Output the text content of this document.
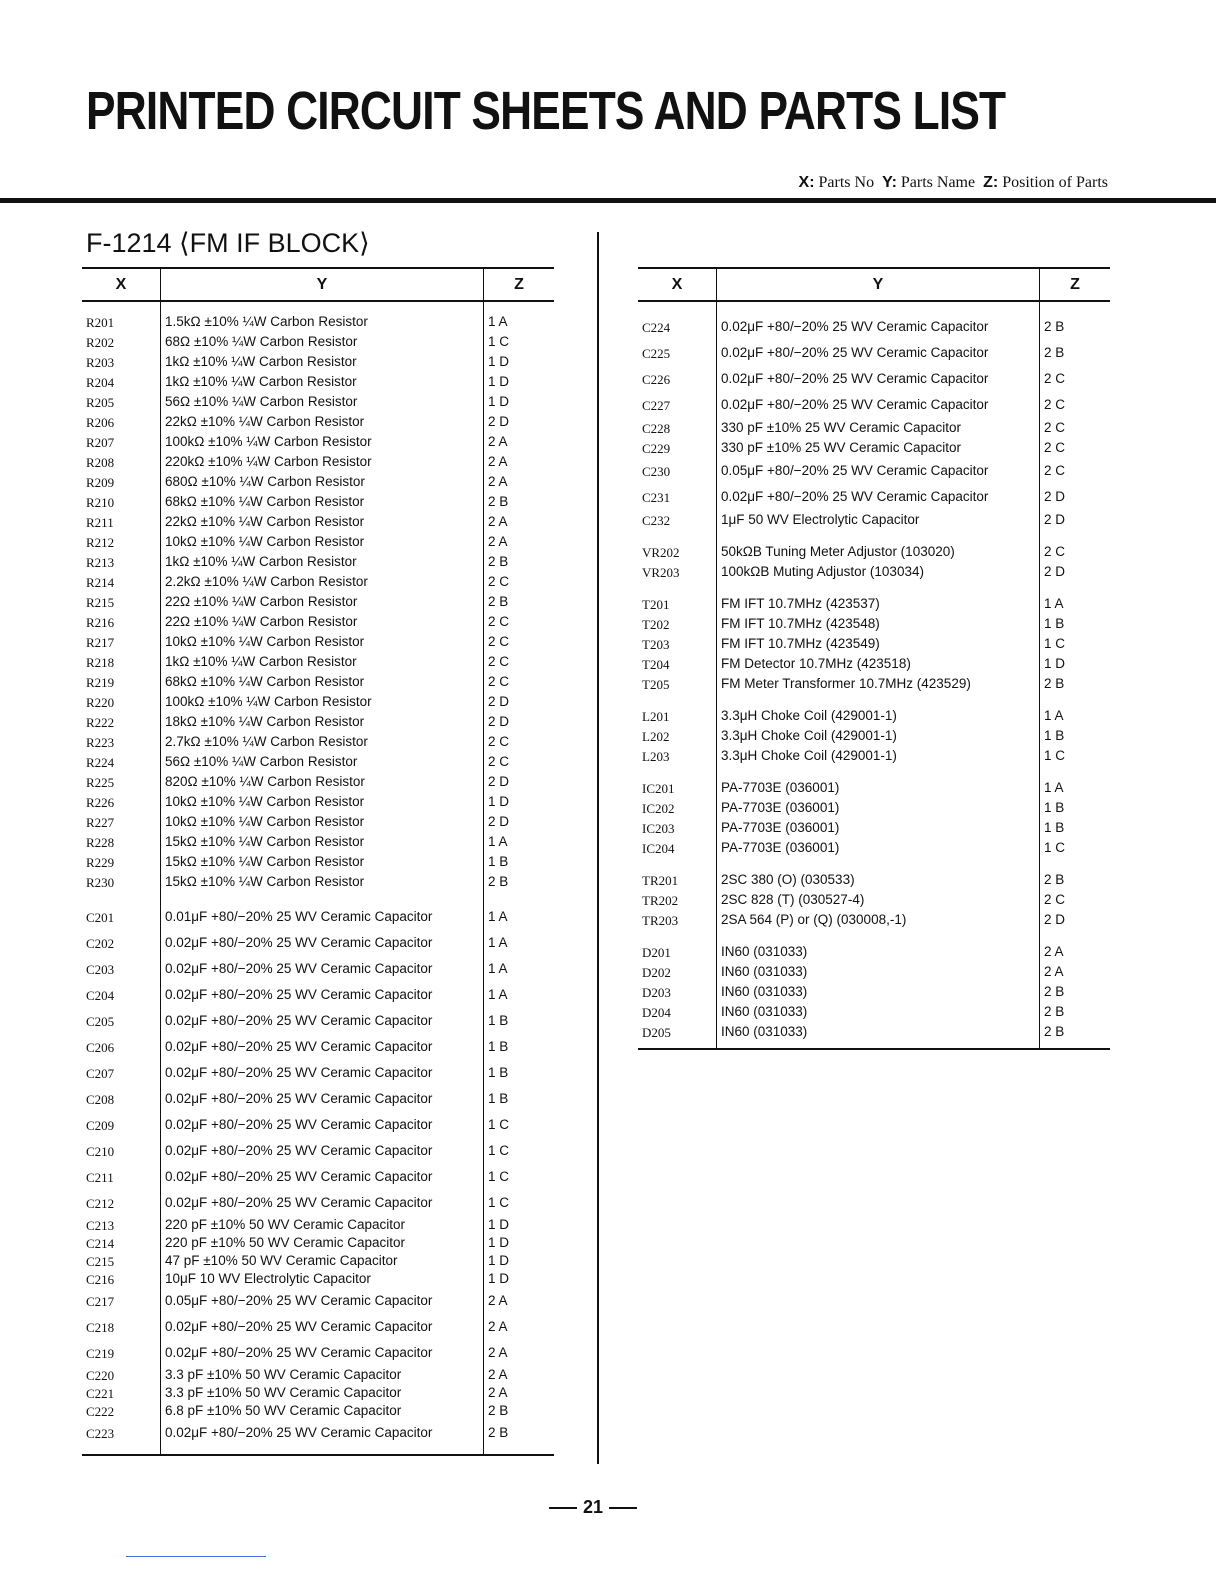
PRINTED CIRCUIT SHEETS AND PARTS LIST
X: Parts No Y: Parts Name Z: Position of Parts
F-1214 ⟨FM IF BLOCK⟩
X	Y	Z

R201	1.5kΩ ±10% ¼W Carbon Resistor	1 A
R202	68Ω ±10% ¼W Carbon Resistor	1 C
R203	1kΩ ±10% ¼W Carbon Resistor	1 D
R204	1kΩ ±10% ¼W Carbon Resistor	1 D
R205	56Ω ±10% ¼W Carbon Resistor	1 D
R206	22kΩ ±10% ¼W Carbon Resistor	2 D
R207	100kΩ ±10% ¼W Carbon Resistor	2 A
R208	220kΩ ±10% ¼W Carbon Resistor	2 A
R209	680Ω ±10% ¼W Carbon Resistor	2 A
R210	68kΩ ±10% ¼W Carbon Resistor	2 B
R211	22kΩ ±10% ¼W Carbon Resistor	2 A
R212	10kΩ ±10% ¼W Carbon Resistor	2 A
R213	1kΩ ±10% ¼W Carbon Resistor	2 B
R214	2.2kΩ ±10% ¼W Carbon Resistor	2 C
R215	22Ω ±10% ¼W Carbon Resistor	2 B
R216	22Ω ±10% ¼W Carbon Resistor	2 C
R217	10kΩ ±10% ¼W Carbon Resistor	2 C
R218	1kΩ ±10% ¼W Carbon Resistor	2 C
R219	68kΩ ±10% ¼W Carbon Resistor	2 C
R220	100kΩ ±10% ¼W Carbon Resistor	2 D
R222	18kΩ ±10% ¼W Carbon Resistor	2 D
R223	2.7kΩ ±10% ¼W Carbon Resistor	2 C
R224	56Ω ±10% ¼W Carbon Resistor	2 C
R225	820Ω ±10% ¼W Carbon Resistor	2 D
R226	10kΩ ±10% ¼W Carbon Resistor	1 D
R227	10kΩ ±10% ¼W Carbon Resistor	2 D
R228	15kΩ ±10% ¼W Carbon Resistor	1 A
R229	15kΩ ±10% ¼W Carbon Resistor	1 B
R230	15kΩ ±10% ¼W Carbon Resistor	2 B

C201	0.01μF +80/−20% 25 WV Ceramic Capacitor	1 A
C202	0.02μF +80/−20% 25 WV Ceramic Capacitor	1 A
C203	0.02μF +80/−20% 25 WV Ceramic Capacitor	1 A
C204	0.02μF +80/−20% 25 WV Ceramic Capacitor	1 A
C205	0.02μF +80/−20% 25 WV Ceramic Capacitor	1 B
C206	0.02μF +80/−20% 25 WV Ceramic Capacitor	1 B
C207	0.02μF +80/−20% 25 WV Ceramic Capacitor	1 B
C208	0.02μF +80/−20% 25 WV Ceramic Capacitor	1 B
C209	0.02μF +80/−20% 25 WV Ceramic Capacitor	1 C
C210	0.02μF +80/−20% 25 WV Ceramic Capacitor	1 C
C211	0.02μF +80/−20% 25 WV Ceramic Capacitor	1 C
C212	0.02μF +80/−20% 25 WV Ceramic Capacitor	1 C
C213	220 pF ±10% 50 WV Ceramic Capacitor	1 D
C214	220 pF ±10% 50 WV Ceramic Capacitor	1 D
C215	47 pF ±10% 50 WV Ceramic Capacitor	1 D
C216	10μF 10 WV Electrolytic Capacitor	1 D
C217	0.05μF +80/−20% 25 WV Ceramic Capacitor	2 A
C218	0.02μF +80/−20% 25 WV Ceramic Capacitor	2 A
C219	0.02μF +80/−20% 25 WV Ceramic Capacitor	2 A
C220	3.3 pF ±10% 50 WV Ceramic Capacitor	2 A
C221	3.3 pF ±10% 50 WV Ceramic Capacitor	2 A
C222	6.8 pF ±10% 50 WV Ceramic Capacitor	2 B
C223	0.02μF +80/−20% 25 WV Ceramic Capacitor	2 B

X	Y	Z

C224	0.02μF +80/−20% 25 WV Ceramic Capacitor	2 B
C225	0.02μF +80/−20% 25 WV Ceramic Capacitor	2 B
C226	0.02μF +80/−20% 25 WV Ceramic Capacitor	2 C
C227	0.02μF +80/−20% 25 WV Ceramic Capacitor	2 C
C228	330 pF ±10% 25 WV Ceramic Capacitor	2 C
C229	330 pF ±10% 25 WV Ceramic Capacitor	2 C
C230	0.05μF +80/−20% 25 WV Ceramic Capacitor	2 C
C231	0.02μF +80/−20% 25 WV Ceramic Capacitor	2 D
C232	1μF 50 WV Electrolytic Capacitor	2 D

VR202	50kΩB Tuning Meter Adjustor (103020)	2 C
VR203	100kΩB Muting Adjustor (103034)	2 D

T201	FM IFT 10.7MHz (423537)	1 A
T202	FM IFT 10.7MHz (423548)	1 B
T203	FM IFT 10.7MHz (423549)	1 C
T204	FM Detector 10.7MHz (423518)	1 D
T205	FM Meter Transformer 10.7MHz (423529)	2 B

L201	3.3μH Choke Coil (429001-1)	1 A
L202	3.3μH Choke Coil (429001-1)	1 B
L203	3.3μH Choke Coil (429001-1)	1 C

IC201	PA-7703E (036001)	1 A
IC202	PA-7703E (036001)	1 B
IC203	PA-7703E (036001)	1 B
IC204	PA-7703E (036001)	1 C

TR201	2SC 380 (O) (030533)	2 B
TR202	2SC 828 (T) (030527-4)	2 C
TR203	2SA 564 (P) or (Q) (030008,-1)	2 D

D201	IN60 (031033)	2 A
D202	IN60 (031033)	2 A
D203	IN60 (031033)	2 B
D204	IN60 (031033)	2 B
D205	IN60 (031033)	2 B

21
